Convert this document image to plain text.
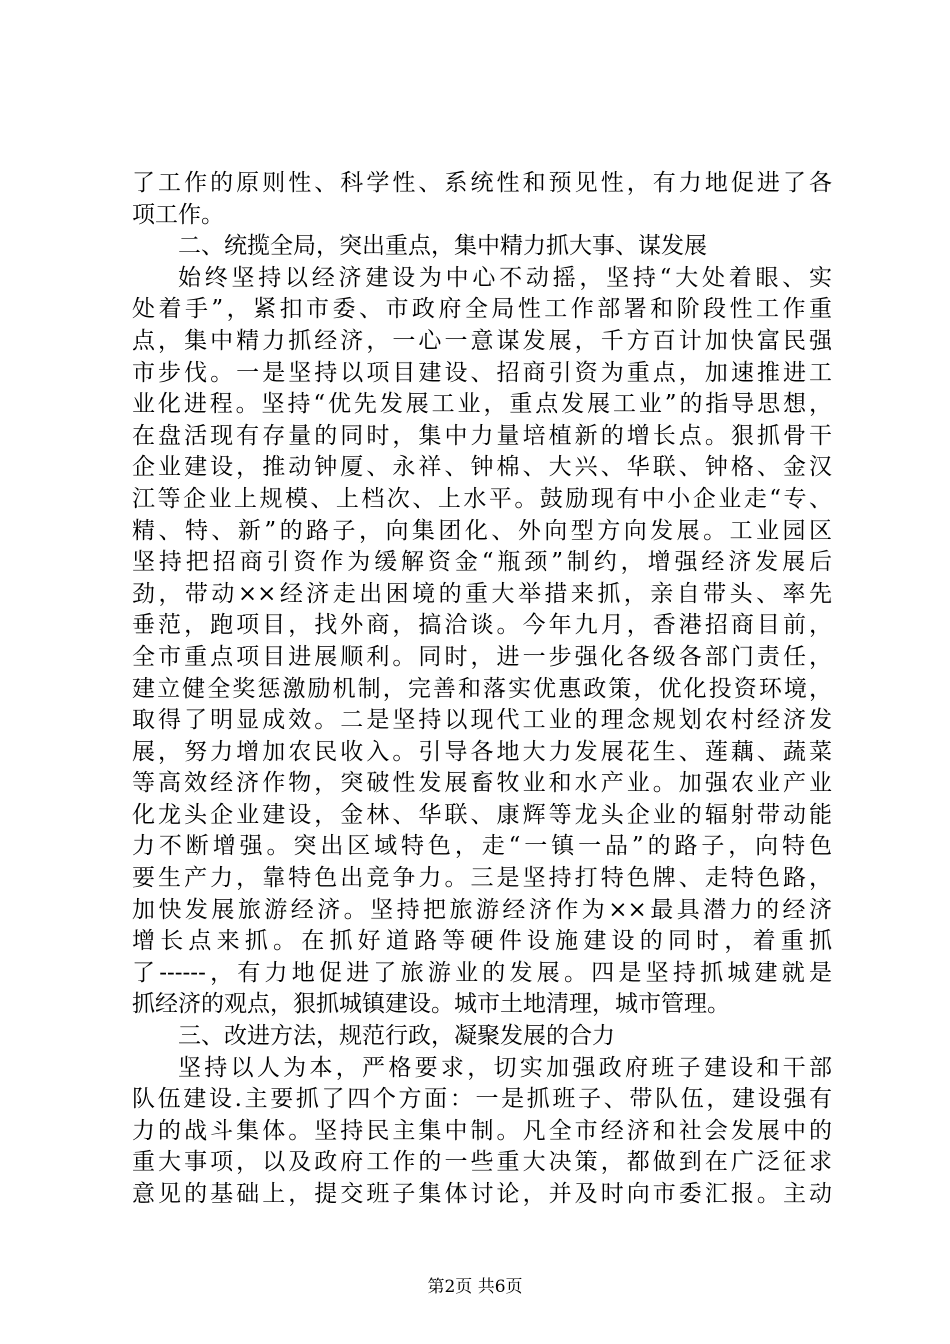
了工作的原则性、科学性、系统性和预见性，有力地促进了各
项工作。
二、统揽全局，突出重点，集中精力抓大事、谋发展
始终坚持以经济建设为中心不动摇，坚持“大处着眼、实
处着手”，紧扣市委、市政府全局性工作部署和阶段性工作重
点，集中精力抓经济，一心一意谋发展，千方百计加快富民强
市步伐。一是坚持以项目建设、招商引资为重点，加速推进工
业化进程。坚持“优先发展工业，重点发展工业”的指导思想，
在盘活现有存量的同时，集中力量培植新的增长点。狠抓骨干
企业建设，推动钟厦、永祥、钟棉、大兴、华联、钟格、金汉
江等企业上规模、上档次、上水平。鼓励现有中小企业走“专、
精、特、新”的路子，向集团化、外向型方向发展。工业园区
坚持把招商引资作为缓解资金“瓶颈”制约，增强经济发展后
劲，带动××经济走出困境的重大举措来抓，亲自带头、率先
垂范，跑项目，找外商，搞洽谈。今年九月，香港招商目前，
全市重点项目进展顺利。同时，进一步强化各级各部门责任，
建立健全奖惩激励机制，完善和落实优惠政策，优化投资环境，
取得了明显成效。二是坚持以现代工业的理念规划农村经济发
展，努力增加农民收入。引导各地大力发展花生、莲藕、蔬菜
等高效经济作物，突破性发展畜牧业和水产业。加强农业产业
化龙头企业建设，金林、华联、康辉等龙头企业的辐射带动能
力不断增强。突出区域特色，走“一镇一品”的路子，向特色
要生产力，靠特色出竞争力。三是坚持打特色牌、走特色路，
加快发展旅游经济。坚持把旅游经济作为××最具潜力的经济
增长点来抓。在抓好道路等硬件设施建设的同时，着重抓
了------，有力地促进了旅游业的发展。四是坚持抓城建就是
抓经济的观点，狠抓城镇建设。城市土地清理，城市管理。
三、改进方法，规范行政，凝聚发展的合力
坚持以人为本，严格要求，切实加强政府班子建设和干部
队伍建设.主要抓了四个方面：一是抓班子、带队伍，建设强有
力的战斗集体。坚持民主集中制。凡全市经济和社会发展中的
重大事项，以及政府工作的一些重大决策，都做到在广泛征求
意见的基础上，提交班子集体讨论，并及时向市委汇报。主动
第2页 共6页
